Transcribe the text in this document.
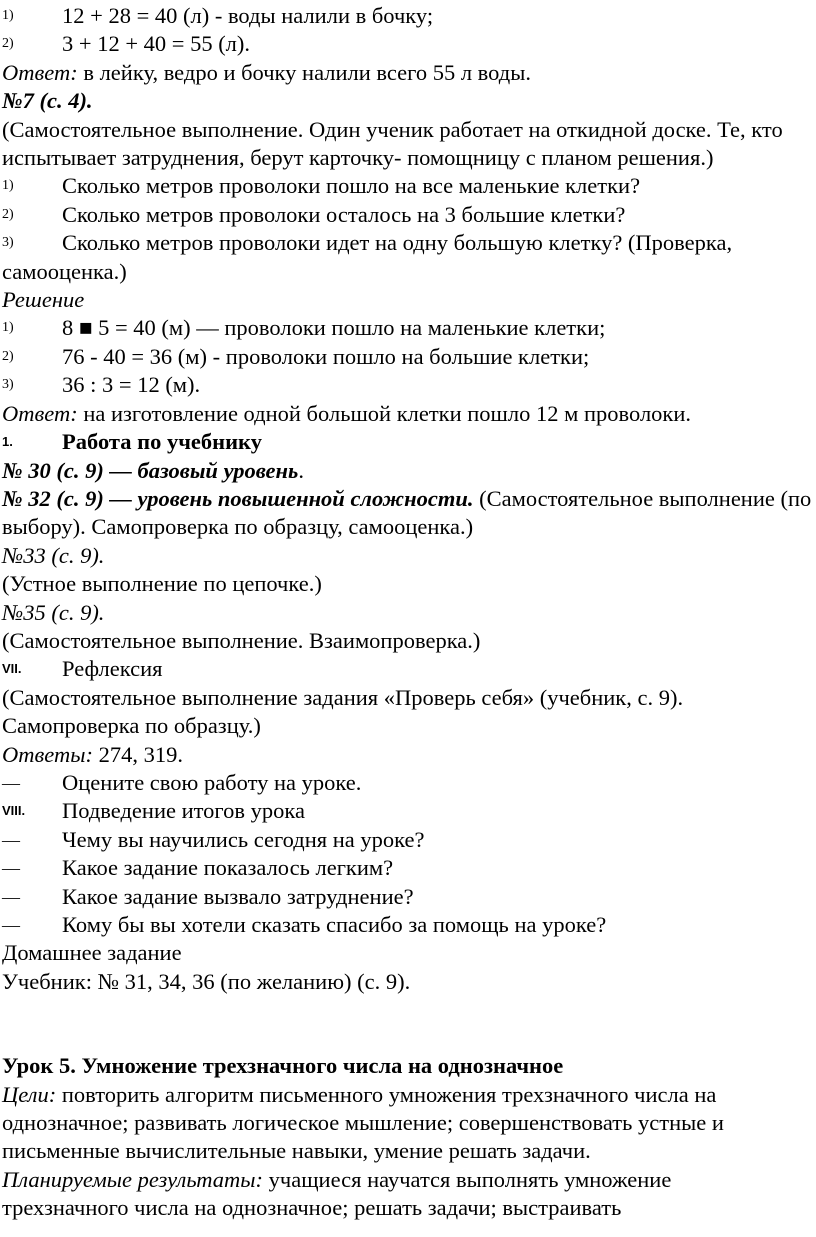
1)	12 + 28 = 40 (л) - воды налили в бочку;
2)	3 + 12 + 40 = 55 (л).

Ответ: в лейку, ведро и бочку налили всего 55 л воды.

№7 (с. 4).

(Самостоятельное выполнение. Один ученик работает на откидной доске. Те, кто испытывает затруднения, берут карточку- помощницу с планом решения.)

1)	Сколько метров проволоки пошло на все маленькие клетки?
2)	Сколько метров проволоки осталось на 3 большие клетки?
3)	Сколько метров проволоки идет на одну большую клетку? (Проверка,

самооценка.)

Решение

1)	8 ■ 5 = 40 (м) — проволоки пошло на маленькие клетки;
2)	76 - 40 = 36 (м) - проволоки пошло на большие клетки;
3)	36 : 3 = 12 (м).

Ответ: на изготовление одной большой клетки пошло 12 м проволоки.

1.	Работа по учебнику

№ 30 (с. 9) — базовый уровень.

№ 32 (с. 9) — уровень повышенной сложности. (Самостоятельное выполнение (по выбору). Самопроверка по образцу, самооценка.)

№33 (с. 9).

(Устное выполнение по цепочке.)

№35 (с. 9).

(Самостоятельное выполнение. Взаимопроверка.)

VII.	Рефлексия

(Самостоятельное выполнение задания «Проверь себя» (учебник, с. 9). Самопроверка по образцу.)

Ответы: 274, 319.

—	Оцените свою работу на уроке.
VIII.	Подведение итогов урока
—	Чему вы научились сегодня на уроке?
—	Какое задание показалось легким?
—	Какое задание вызвало затруднение?
—	Кому бы вы хотели сказать спасибо за помощь на уроке?

Домашнее задание

Учебник: № 31, 34, 36 (по желанию) (с. 9).

Урок 5. Умножение трехзначного числа на однозначное

Цели: повторить алгоритм письменного умножения трехзначного числа на однозначное; развивать логическое мышление; совершенствовать устные и письменные вычислительные навыки, умение решать задачи.

Планируемые результаты: учащиеся научатся выполнять умножение трехзначного числа на однозначное; решать задачи; выстраивать
